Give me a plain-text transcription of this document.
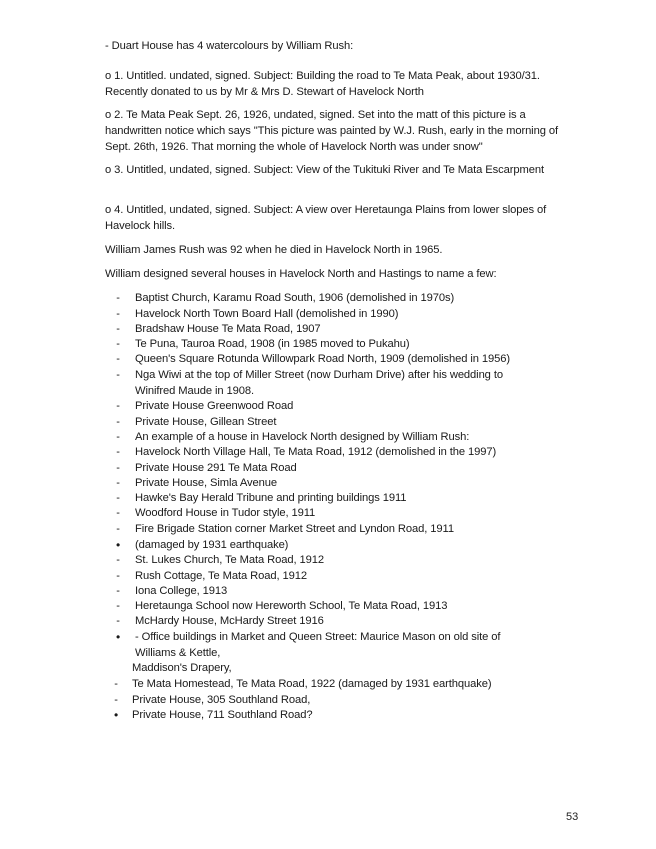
- Duart House has 4 watercolours by William Rush:

o 1. Untitled. undated, signed. Subject: Building the road to Te Mata Peak, about 1930/31. Recently donated to us by Mr & Mrs D. Stewart of Havelock North

o 2. Te Mata Peak Sept. 26, 1926, undated, signed. Set into the matt of this picture is a handwritten notice which says "This picture was painted by W.J. Rush, early in the morning of Sept. 26th, 1926. That morning the whole of Havelock North was under snow"

o 3. Untitled, undated, signed. Subject: View of the Tukituki River and Te Mata Escarpment

o 4. Untitled, undated, signed. Subject: A view over Heretaunga Plains from lower slopes of Havelock hills.

William James Rush was 92 when he died in Havelock North in 1965.

William designed several houses in Havelock North and Hastings to name a few:

- Baptist Church, Karamu Road South, 1906 (demolished in 1970s)
- Havelock North Town Board Hall (demolished in 1990)
- Bradshaw House Te Mata Road, 1907
- Te Puna, Tauroa Road, 1908 (in 1985 moved to Pukahu)
- Queen's Square Rotunda Willowpark Road North, 1909 (demolished in 1956)
- Nga Wiwi at the top of Miller Street (now Durham Drive) after his wedding to Winifred Maude in 1908.
- Private House Greenwood Road
- Private House, Gillean Street
- An example of a house in Havelock North designed by William Rush:
- Havelock North Village Hall, Te Mata Road, 1912 (demolished in the 1997)
- Private House 291 Te Mata Road
- Private House, Simla Avenue
- Hawke's Bay Herald Tribune and printing buildings 1911
- Woodford House in Tudor style, 1911
- Fire Brigade Station corner Market Street and Lyndon Road, 1911
• (damaged by 1931 earthquake)
- St. Lukes Church, Te Mata Road, 1912
- Rush Cottage, Te Mata Road, 1912
- Iona College, 1913
- Heretaunga School now Hereworth School, Te Mata Road, 1913
- McHardy House, McHardy Street 1916
• - Office buildings in Market and Queen Street: Maurice Mason on old site of Williams & Kettle,
Maddison's Drapery,
- Te Mata Homestead, Te Mata Road, 1922 (damaged by 1931 earthquake)
- Private House, 305 Southland Road,
• Private House, 711 Southland Road?
53
